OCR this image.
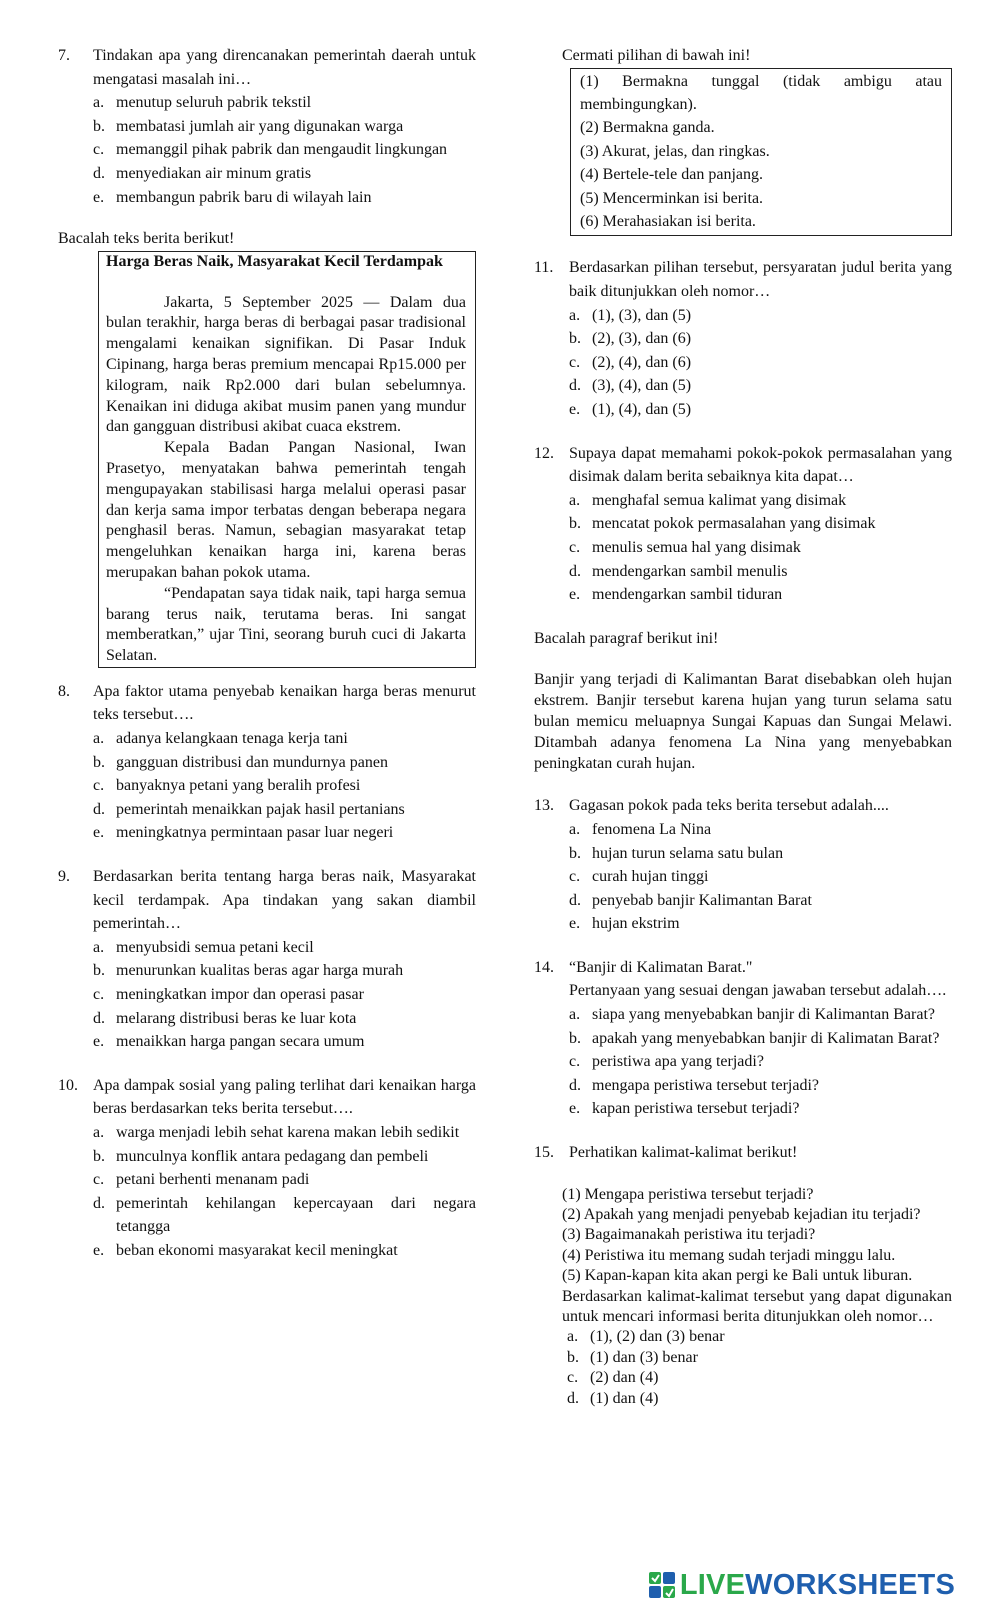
7. Tindakan apa yang direncanakan pemerintah daerah untuk mengatasi masalah ini…
a. menutup seluruh pabrik tekstil
b. membatasi jumlah air yang digunakan warga
c. memanggil pihak pabrik dan mengaudit lingkungan
d. menyediakan air minum gratis
e. membangun pabrik baru di wilayah lain

Bacalah teks berita berikut!

Harga Beras Naik, Masyarakat Kecil Terdampak
Jakarta, 5 September 2025 — Dalam dua bulan terakhir, harga beras di berbagai pasar tradisional mengalami kenaikan signifikan. Di Pasar Induk Cipinang, harga beras premium mencapai Rp15.000 per kilogram, naik Rp2.000 dari bulan sebelumnya. Kenaikan ini diduga akibat musim panen yang mundur dan gangguan distribusi akibat cuaca ekstrem.
Kepala Badan Pangan Nasional, Iwan Prasetyo, menyatakan bahwa pemerintah tengah mengupayakan stabilisasi harga melalui operasi pasar dan kerja sama impor terbatas dengan beberapa negara penghasil beras. Namun, sebagian masyarakat tetap mengeluhkan kenaikan harga ini, karena beras merupakan bahan pokok utama.
“Pendapatan saya tidak naik, tapi harga semua barang terus naik, terutama beras. Ini sangat memberatkan,” ujar Tini, seorang buruh cuci di Jakarta Selatan.
8. Apa faktor utama penyebab kenaikan harga beras menurut teks tersebut….
a. adanya kelangkaan tenaga kerja tani
b. gangguan distribusi dan mundurnya panen
c. banyaknya petani yang beralih profesi
d. pemerintah menaikkan pajak hasil pertanians
e. meningkatnya permintaan pasar luar negeri
9. Berdasarkan berita tentang harga beras naik, Masyarakat kecil terdampak. Apa tindakan yang sakan diambil pemerintah…
a. menyubsidi semua petani kecil
b. menurunkan kualitas beras agar harga murah
c. meningkatkan impor dan operasi pasar
d. melarang distribusi beras ke luar kota
e. menaikkan harga pangan secara umum
10. Apa dampak sosial yang paling terlihat dari kenaikan harga beras berdasarkan teks berita tersebut….
a. warga menjadi lebih sehat karena makan lebih sedikit
b. munculnya konflik antara pedagang dan pembeli
c. petani berhenti menanam padi
d. pemerintah kehilangan kepercayaan dari negara tetangga
e. beban ekonomi masyarakat kecil meningkat

Cermati pilihan di bawah ini!

(1) Bermakna tunggal (tidak ambigu atau membingungkan).
(2) Bermakna ganda.
(3) Akurat, jelas, dan ringkas.
(4) Bertele-tele dan panjang.
(5) Mencerminkan isi berita.
(6) Merahasiakan isi berita.
11. Berdasarkan pilihan tersebut, persyaratan judul berita yang baik ditunjukkan oleh nomor…
a. (1), (3), dan (5)
b. (2), (3), dan (6)
c. (2), (4), dan (6)
d. (3), (4), dan (5)
e. (1), (4), dan (5)
12. Supaya dapat memahami pokok-pokok permasalahan yang disimak dalam berita sebaiknya kita dapat…
a. menghafal semua kalimat yang disimak
b. mencatat pokok permasalahan yang disimak
c. menulis semua hal yang disimak
d. mendengarkan sambil menulis
e. mendengarkan sambil tiduran

Bacalah paragraf berikut ini!

Banjir yang terjadi di Kalimantan Barat disebabkan oleh hujan ekstrem. Banjir tersebut karena hujan yang turun selama satu bulan memicu meluapnya Sungai Kapuas dan Sungai Melawi. Ditambah adanya fenomena La Nina yang menyebabkan peningkatan curah hujan.
13. Gagasan pokok pada teks berita tersebut adalah....
a. fenomena La Nina
b. hujan turun selama satu bulan
c. curah hujan tinggi
d. penyebab banjir Kalimantan Barat
e. hujan ekstrim
14. “Banjir di Kalimatan Barat."
Pertanyaan yang sesuai dengan jawaban tersebut adalah….
a. siapa yang menyebabkan banjir di Kalimantan Barat?
b. apakah yang menyebabkan banjir di Kalimatan Barat?
c. peristiwa apa yang terjadi?
d. mengapa peristiwa tersebut terjadi?
e. kapan peristiwa tersebut terjadi?
15. Perhatikan kalimat-kalimat berikut!
(1) Mengapa peristiwa tersebut terjadi?
(2) Apakah yang menjadi penyebab kejadian itu terjadi?
(3) Bagaimanakah peristiwa itu terjadi?
(4) Peristiwa itu memang sudah terjadi minggu lalu.
(5) Kapan-kapan kita akan pergi ke Bali untuk liburan.
Berdasarkan kalimat-kalimat tersebut yang dapat digunakan untuk mencari informasi berita ditunjukkan oleh nomor…
a. (1), (2) dan (3) benar
b. (1) dan (3) benar
c. (2) dan (4)
d. (1) dan (4)
LIVE WORKSHEETS
